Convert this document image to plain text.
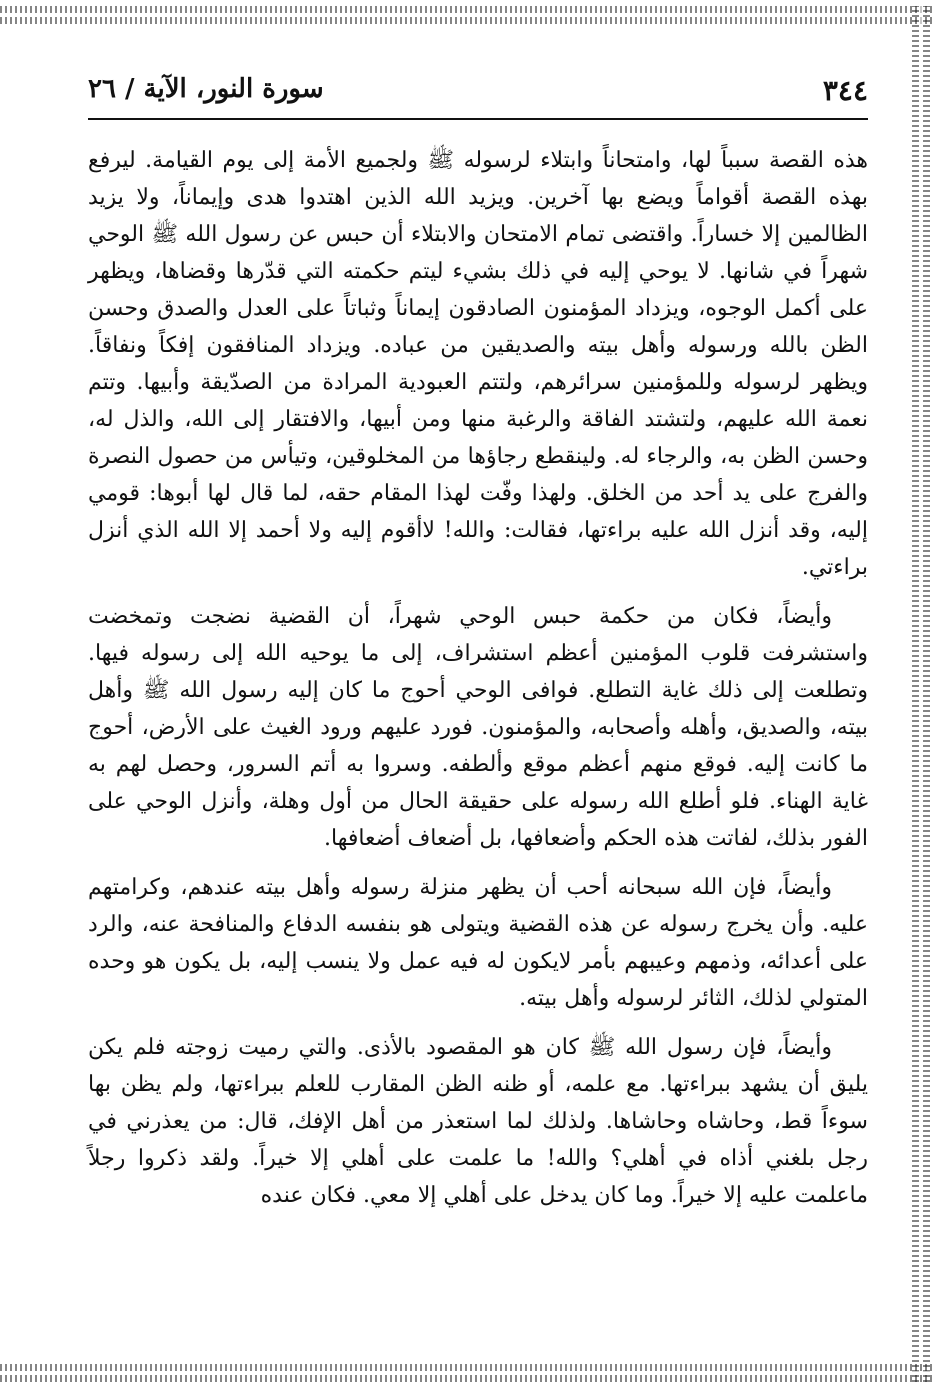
٣٤٤
سورة النور، الآية / ٢٦

هذه القصة سبباً لها، وامتحاناً وابتلاء لرسوله ﷺ ولجميع الأمة إلى يوم القيامة. ليرفع بهذه القصة أقواماً ويضع بها آخرين. ويزيد الله الذين اهتدوا هدى وإيماناً، ولا يزيد الظالمين إلا خساراً. واقتضى تمام الامتحان والابتلاء أن حبس عن رسول الله ﷺ الوحي شهراً في شانها. لا يوحي إليه في ذلك بشيء ليتم حكمته التي قدّرها وقضاها، ويظهر على أكمل الوجوه، ويزداد المؤمنون الصادقون إيماناً وثباتاً على العدل والصدق وحسن الظن بالله ورسوله وأهل بيته والصديقين من عباده. ويزداد المنافقون إفكاً ونفاقاً. ويظهر لرسوله وللمؤمنين سرائرهم، ولتتم العبودية المرادة من الصدّيقة وأبيها. وتتم نعمة الله عليهم، ولتشتد الفاقة والرغبة منها ومن أبيها، والافتقار إلى الله، والذل له، وحسن الظن به، والرجاء له. ولينقطع رجاؤها من المخلوقين، وتيأس من حصول النصرة والفرج على يد أحد من الخلق. ولهذا وفّت لهذا المقام حقه، لما قال لها أبوها: قومي إليه، وقد أنزل الله عليه براءتها، فقالت: والله! لاأقوم إليه ولا أحمد إلا الله الذي أنزل براءتي.

وأيضاً، فكان من حكمة حبس الوحي شهراً، أن القضية نضجت وتمخضت واستشرفت قلوب المؤمنين أعظم استشراف، إلى ما يوحيه الله إلى رسوله فيها. وتطلعت إلى ذلك غاية التطلع. فوافى الوحي أحوج ما كان إليه رسول الله ﷺ وأهل بيته، والصديق، وأهله وأصحابه، والمؤمنون. فورد عليهم ورود الغيث على الأرض، أحوج ما كانت إليه. فوقع منهم أعظم موقع وألطفه. وسروا به أتم السرور، وحصل لهم به غاية الهناء. فلو أطلع الله رسوله على حقيقة الحال من أول وهلة، وأنزل الوحي على الفور بذلك، لفاتت هذه الحكم وأضعافها، بل أضعاف أضعافها.

وأيضاً، فإن الله سبحانه أحب أن يظهر منزلة رسوله وأهل بيته عندهم، وكرامتهم عليه. وأن يخرج رسوله عن هذه القضية ويتولى هو بنفسه الدفاع والمنافحة عنه، والرد على أعدائه، وذمهم وعيبهم بأمر لايكون له فيه عمل ولا ينسب إليه، بل يكون هو وحده المتولي لذلك، الثائر لرسوله وأهل بيته.

وأيضاً، فإن رسول الله ﷺ كان هو المقصود بالأذى. والتي رميت زوجته فلم يكن يليق أن يشهد ببراءتها. مع علمه، أو ظنه الظن المقارب للعلم ببراءتها، ولم يظن بها سوءاً قط، وحاشاه وحاشاها. ولذلك لما استعذر من أهل الإفك، قال: من يعذرني في رجل بلغني أذاه في أهلي؟ والله! ما علمت على أهلي إلا خيراً. ولقد ذكروا رجلاً ماعلمت عليه إلا خيراً. وما كان يدخل على أهلي إلا معي. فكان عنده
